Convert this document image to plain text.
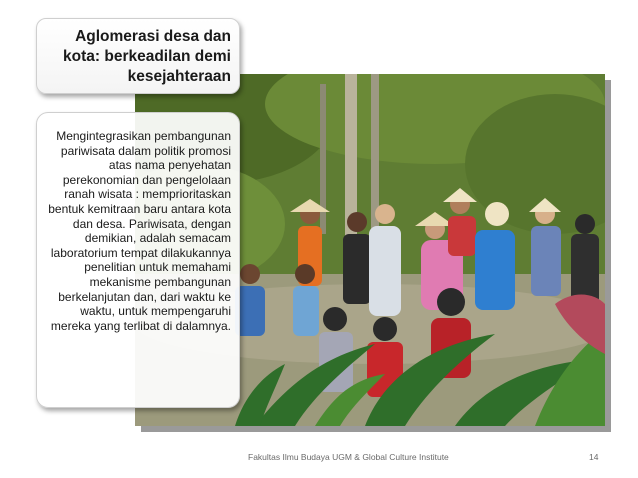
Aglomerasi desa dan kota: berkeadilan demi kesejahteraan

Mengintegrasikan pembangunan pariwisata dalam politik promosi atas nama penyehatan perekonomian dan pengelolaan ranah wisata : memprioritaskan bentuk kemitraan baru antara kota dan desa. Pariwisata, dengan demikian, adalah semacam laboratorium tempat dilakukannya penelitian untuk memahami mekanisme pembangunan berkelanjutan dan, dari waktu ke waktu, untuk mempengaruhi mereka yang terlibat di dalamnya.

Fakultas Ilmu Budaya UGM & Global Culture Institute	14
